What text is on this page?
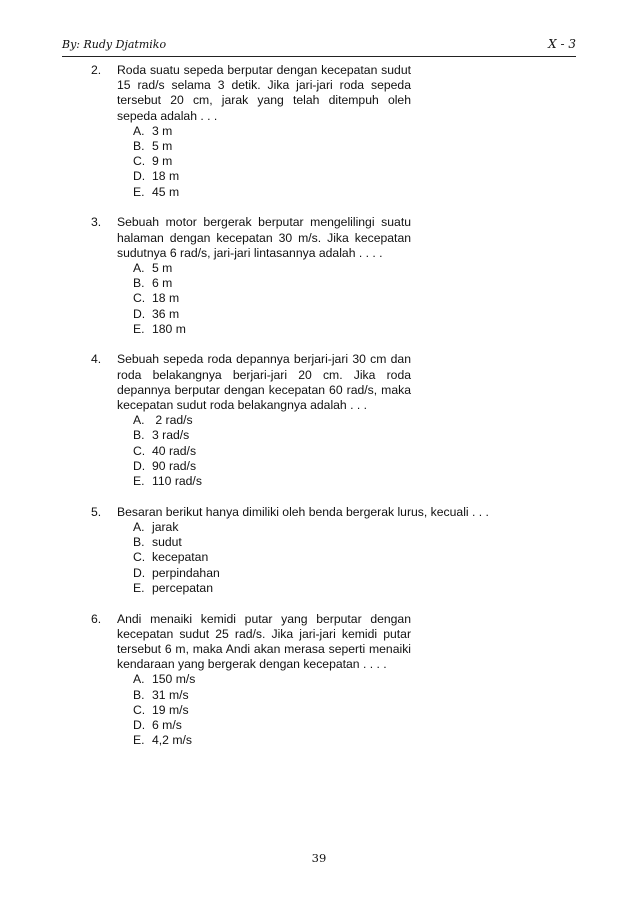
By: Rudy Djatmiko	X - 3
2. Roda suatu sepeda berputar dengan kecepatan sudut 15 rad/s selama 3 detik. Jika jari-jari roda sepeda tersebut 20 cm, jarak yang telah ditempuh oleh sepeda adalah . . .
A. 3 m
B. 5 m
C. 9 m
D. 18 m
E. 45 m
3. Sebuah motor bergerak berputar mengelilingi suatu halaman dengan kecepatan 30 m/s. Jika kecepatan sudutnya 6 rad/s, jari-jari lintasannya adalah . . . .
A. 5 m
B. 6 m
C. 18 m
D. 36 m
E. 180 m
4. Sebuah sepeda roda depannya berjari-jari 30 cm dan roda belakangnya berjari-jari 20 cm. Jika roda depannya berputar dengan kecepatan 60 rad/s, maka kecepatan sudut roda belakangnya adalah . . .
A. 2 rad/s
B. 3 rad/s
C. 40 rad/s
D. 90 rad/s
E. 110 rad/s
5. Besaran berikut hanya dimiliki oleh benda bergerak lurus, kecuali . . .
A. jarak
B. sudut
C. kecepatan
D. perpindahan
E. percepatan
6. Andi menaiki kemidi putar yang berputar dengan kecepatan sudut 25 rad/s. Jika jari-jari kemidi putar tersebut 6 m, maka Andi akan merasa seperti menaiki kendaraan yang bergerak dengan kecepatan . . . .
A. 150 m/s
B. 31 m/s
C. 19 m/s
D. 6 m/s
E. 4,2 m/s
39
